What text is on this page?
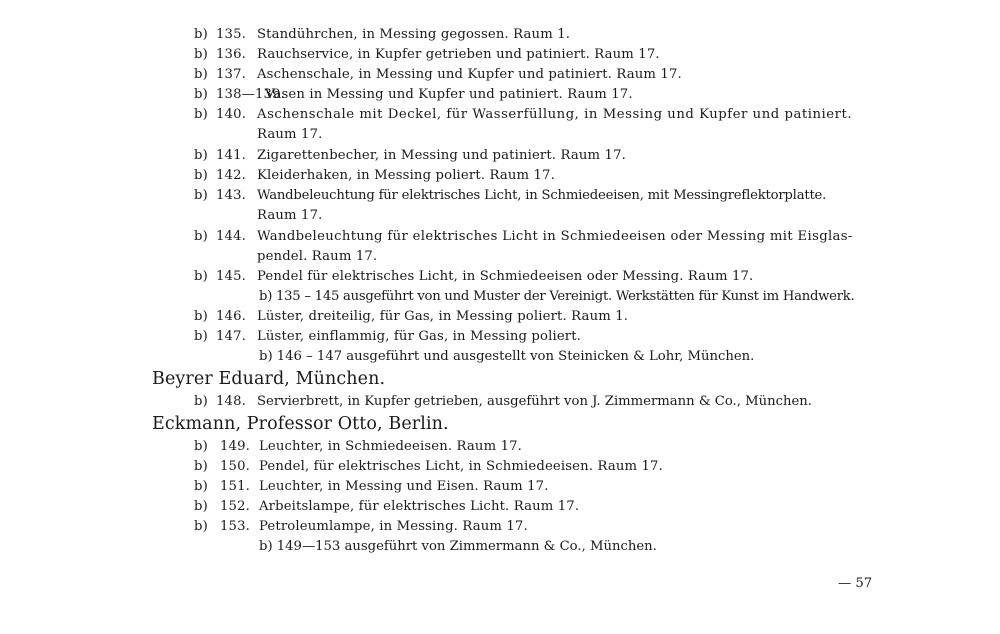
b) 135. Standührchen, in Messing gegossen. Raum 1.
b) 136. Rauchservice, in Kupfer getrieben und patiniert. Raum 17.
b) 137. Aschenschale, in Messing und Kupfer und patiniert. Raum 17.
b) 138—139.
Vasen in Messing und Kupfer und patiniert. Raum 17.
b) 140. Aschenschale mit Deckel, für Wasserfüllung, in Messing und Kupfer und patiniert.
Raum 17.
b) 141. Zigarettenbecher, in Messing und patiniert. Raum 17.
b) 142. Kleiderhaken, in Messing poliert. Raum 17.
b) 143. Wandbeleuchtung für elektrisches Licht, in Schmiedeeisen, mit Messingreflektorplatte.
Raum 17.
b) 144. Wandbeleuchtung für elektrisches Licht in Schmiedeeisen oder Messing mit Eisglas-
pendel. Raum 17.
b) 145. Pendel für elektrisches Licht, in Schmiedeeisen oder Messing. Raum 17.
b) 135 – 145 ausgeführt von und Muster der Vereinigt. Werkstätten für Kunst im Handwerk.
b) 146. Lüster, dreiteilig, für Gas, in Messing poliert. Raum 1.
b) 147. Lüster, einflammig, für Gas, in Messing poliert.
b) 146 – 147 ausgeführt und ausgestellt von Steinicken & Lohr, München.
Beyrer Eduard, München.
b) 148. Servierbrett, in Kupfer getrieben, ausgeführt von J. Zimmermann & Co., München.
Eckmann, Professor Otto, Berlin.
b) 149. Leuchter, in Schmiedeeisen. Raum 17.
b) 150. Pendel, für elektrisches Licht, in Schmiedeeisen. Raum 17.
b) 151. Leuchter, in Messing und Eisen. Raum 17.
b) 152. Arbeitslampe, für elektrisches Licht. Raum 17.
b) 153. Petroleumlampe, in Messing. Raum 17.
b) 149—153 ausgeführt von Zimmermann & Co., München.
— 57
